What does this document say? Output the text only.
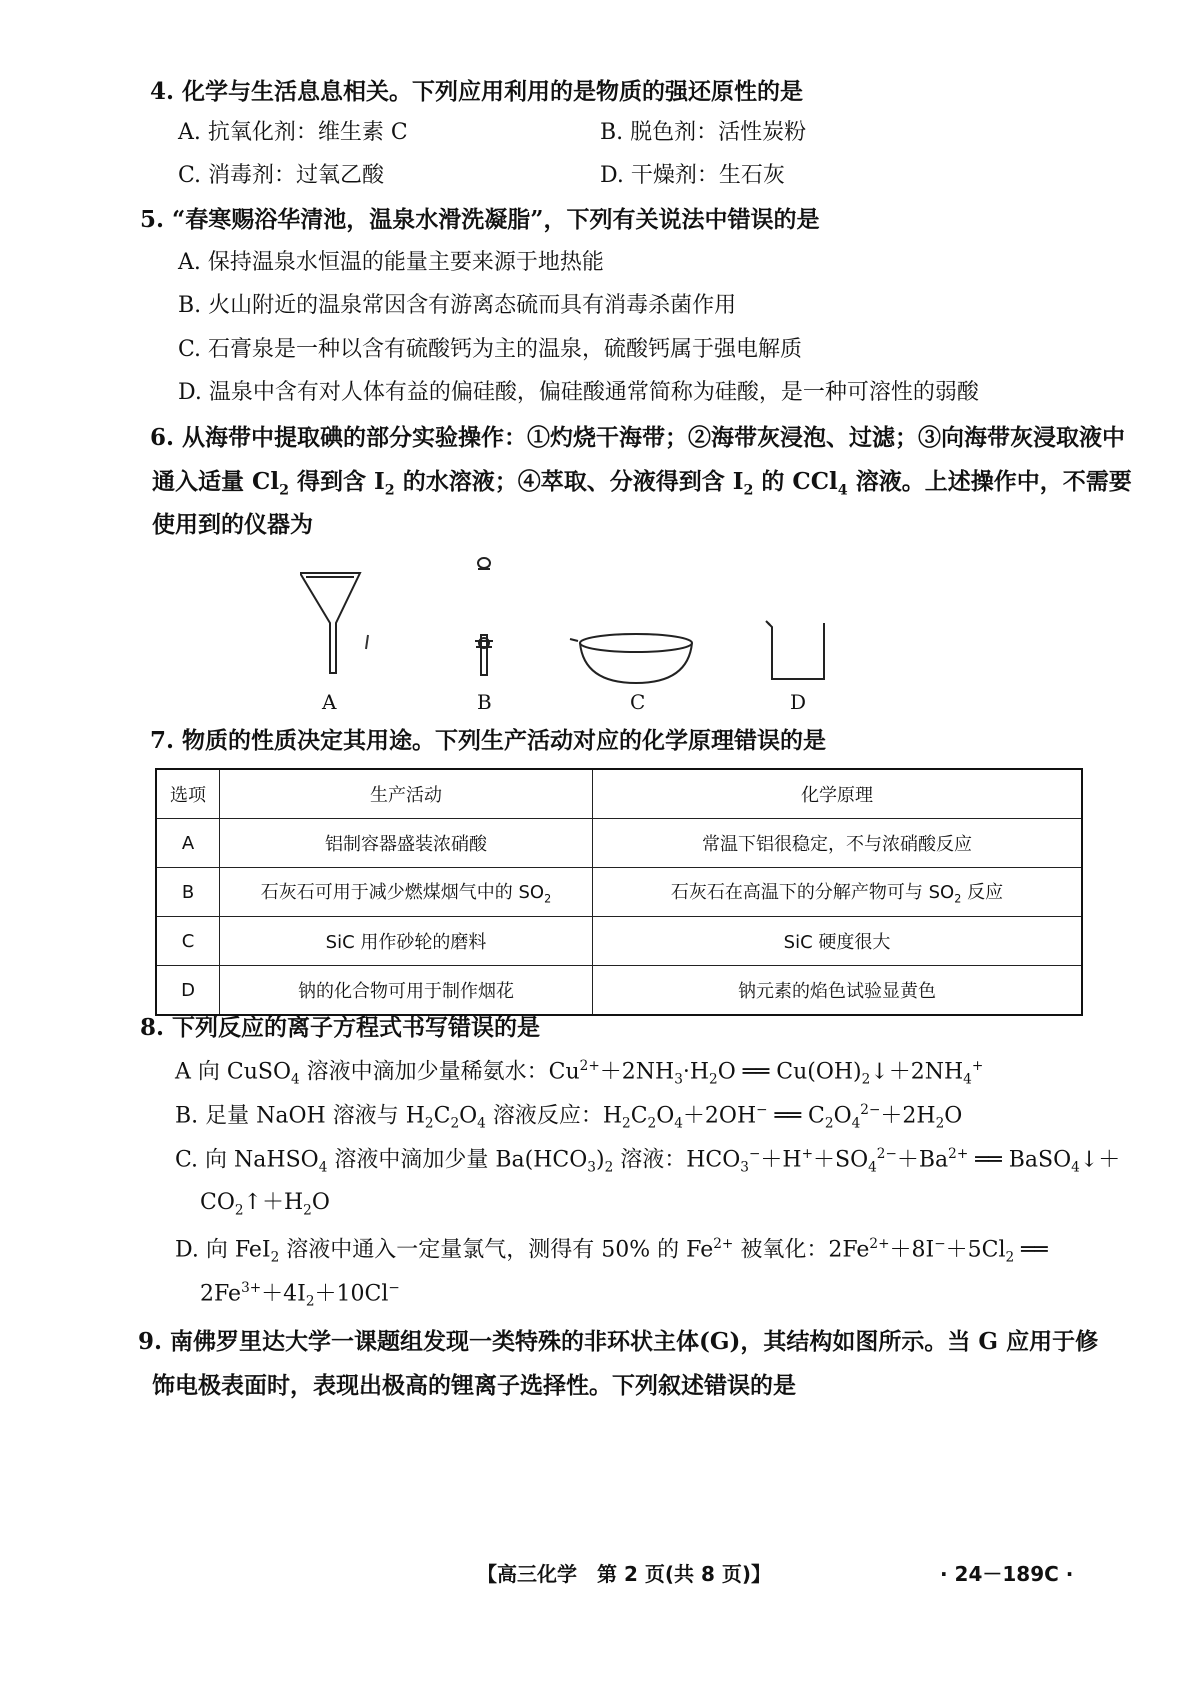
4. 化学与生活息息相关。下列应用利用的是物质的强还原性的是
A. 抗氧化剂：维生素 C	B. 脱色剂：活性炭粉
C. 消毒剂：过氧乙酸	D. 干燥剂：生石灰
5. “春寒赐浴华清池，温泉水滑洗凝脂”，下列有关说法中错误的是
A. 保持温泉水恒温的能量主要来源于地热能
B. 火山附近的温泉常因含有游离态硫而具有消毒杀菌作用
C. 石膏泉是一种以含有硫酸钙为主的温泉，硫酸钙属于强电解质
D. 温泉中含有对人体有益的偏硅酸，偏硅酸通常简称为硅酸，是一种可溶性的弱酸
6. 从海带中提取碘的部分实验操作：①灼烧干海带；②海带灰浸泡、过滤；③向海带灰浸取液中
通入适量 $Cl_2$ 得到含 $I_2$ 的水溶液；④萃取、分液得到含 $I_2$ 的 CCl$_4$ 溶液。上述操作中，不需要
使用到的仪器为
A	B	C	D
7. 物质的性质决定其用途。下列生产活动对应的化学原理错误的是
选项	生产活动	化学原理
A	铝制容器盛装浓硝酸	常温下铝很稳定，不与浓硝酸反应
B	石灰石可用于减少燃煤烟气中的 $SO_2$	石灰石在高温下的分解产物可与 $SO_2$ 反应
C	SiC 用作砂轮的磨料	SiC 硬度很大
D	钠的化合物可用于制作烟花	钠元素的焰色试验显黄色
8. 下列反应的离子方程式书写错误的是
A 向 CuSO$_4$ 溶液中滴加少量稀氨水：$Cu^{2+}+2NH_3\cdot H_2O$ ══ $Cu(OH)_2↓+2NH_4^+$
B. 足量 NaOH 溶液与 $H_2C_2O_4$ 溶液反应：$H_2C_2O_4+2OH^-$ ══ $C_2O_4^{2-}+2H_2O$
C. 向 NaHSO$_4$ 溶液中滴加少量 $Ba(HCO_3)_2$ 溶液：$HCO_3^-+H^++SO_4^{2-}+Ba^{2+}$ ══ BaSO$_4$↓＋
$CO_2↑+H_2O$
D. 向 FeI$_2$ 溶液中通入一定量氯气，测得有 50% 的 $Fe^{2+}$ 被氧化：$2Fe^{2+}+8I^-+5Cl_2$ ══
$2Fe^{3+}+4I_2+10Cl^-$
9. 南佛罗里达大学一课题组发现一类特殊的非环状主体(G)，其结构如图所示。当 G 应用于修
饰电极表面时，表现出极高的锂离子选择性。下列叙述错误的是
【高三化学　第 2 页(共 8 页)】	· 24－189C ·
